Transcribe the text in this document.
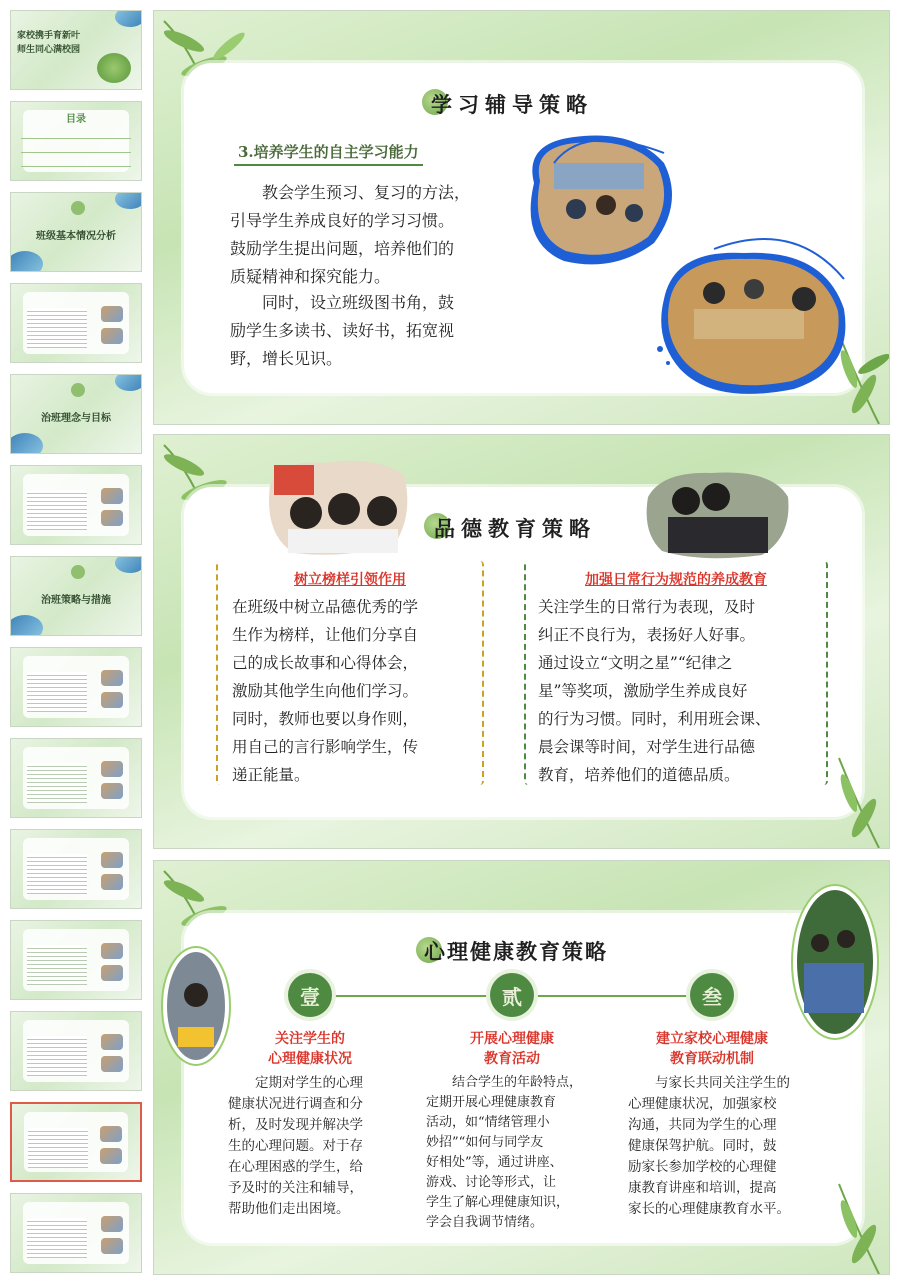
家校携手育新叶
师生同心满校园
目录
班级基本情况分析
治班理念与目标
治班策略与措施
学习辅导策略
3.培养学生的自主学习能力
教会学生预习、复习的方法，
引导学生养成良好的学习习惯。
鼓励学生提出问题，培养他们的
质疑精神和探究能力。
同时，设立班级图书角，鼓
励学生多读书、读好书，拓宽视
野，增长见识。
品德教育策略
树立榜样引领作用
在班级中树立品德优秀的学
生作为榜样，让他们分享自
己的成长故事和心得体会，
激励其他学生向他们学习。
同时，教师也要以身作则，
用自己的言行影响学生，传
递正能量。
加强日常行为规范的养成教育
关注学生的日常行为表现，及时
纠正不良行为，表扬好人好事。
通过设立“文明之星”“纪律之
星”等奖项，激励学生养成良好
的行为习惯。同时，利用班会课、
晨会课等时间，对学生进行品德
教育，培养他们的道德品质。
心理健康教育策略
壹	贰	叁
关注学生的
心理健康状况
开展心理健康
教育活动
建立家校心理健康
教育联动机制
定期对学生的心理
健康状况进行调查和分
析，及时发现并解决学
生的心理问题。对于存
在心理困惑的学生，给
予及时的关注和辅导，
帮助他们走出困境。
结合学生的年龄特点，
定期开展心理健康教育
活动，如“情绪管理小
妙招”“如何与同学友
好相处”等，通过讲座、
游戏、讨论等形式，让
学生了解心理健康知识，
学会自我调节情绪。
与家长共同关注学生的
心理健康状况，加强家校
沟通，共同为学生的心理
健康保驾护航。同时，鼓
励家长参加学校的心理健
康教育讲座和培训，提高
家长的心理健康教育水平。
